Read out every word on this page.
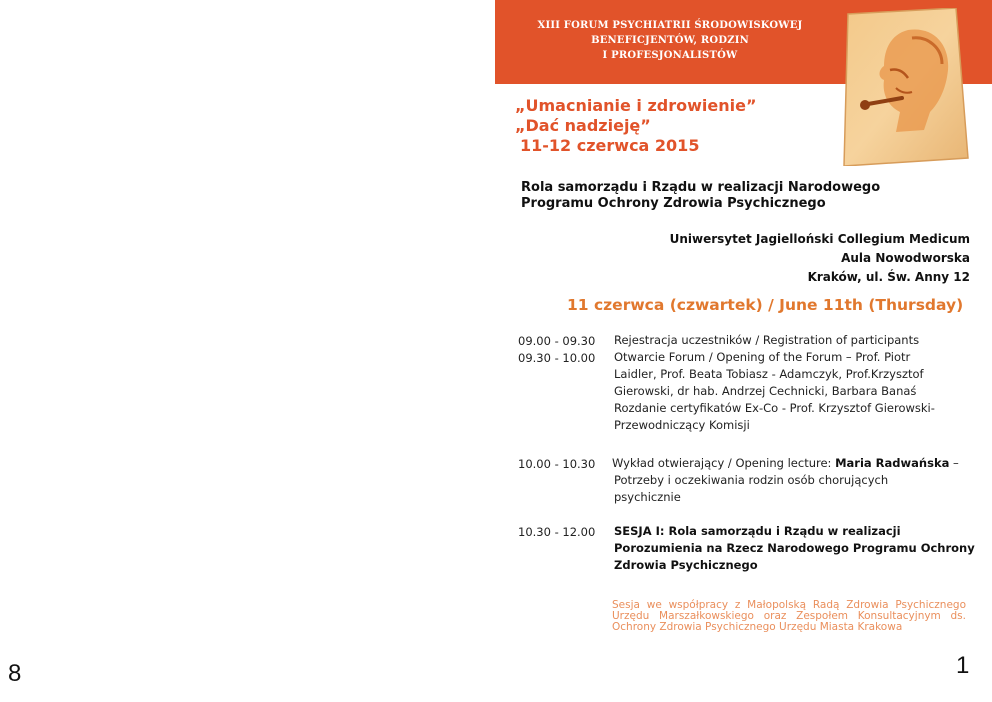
8	1
XIII FORUM PSYCHIATRII ŚRODOWISKOWEJ
BENEFICJENTÓW, RODZIN
I PROFESJONALISTÓW
„Umacnianie i zdrowienie”
„Dać nadzieję”
11-12 czerwca 2015
Rola samorządu i Rządu w realizacji Narodowego
Programu Ochrony Zdrowia Psychicznego
Uniwersytet Jagielloński Collegium Medicum
Aula Nowodworska
Kraków, ul. Św. Anny 12
11 czerwca (czwartek) / June 11th (Thursday)
09.00 - 09.30 Rejestracja uczestników / Registration of participants
09.30 - 10.00 Otwarcie Forum / Opening of the Forum – Prof. Piotr
Laidler, Prof. Beata Tobiasz - Adamczyk, Prof.Krzysztof
Gierowski, dr hab. Andrzej Cechnicki, Barbara Banaś
Rozdanie certyfikatów Ex-Co - Prof. Krzysztof Gierowski-
Przewodniczący Komisji
10.00 - 10.30 Wykład otwierający / Opening lecture: Maria Radwańska –
Potrzeby i oczekiwania rodzin osób chorujących
psychicznie
10.30 - 12.00 SESJA I: Rola samorządu i Rządu w realizacji
Porozumienia na Rzecz Narodowego Programu Ochrony
Zdrowia Psychicznego
Sesja we współpracy z Małopolską Radą Zdrowia Psychicznego Urzędu Marszałkowskiego oraz Zespołem Konsultacyjnym ds. Ochrony Zdrowia Psychicznego Urzędu Miasta Krakowa
